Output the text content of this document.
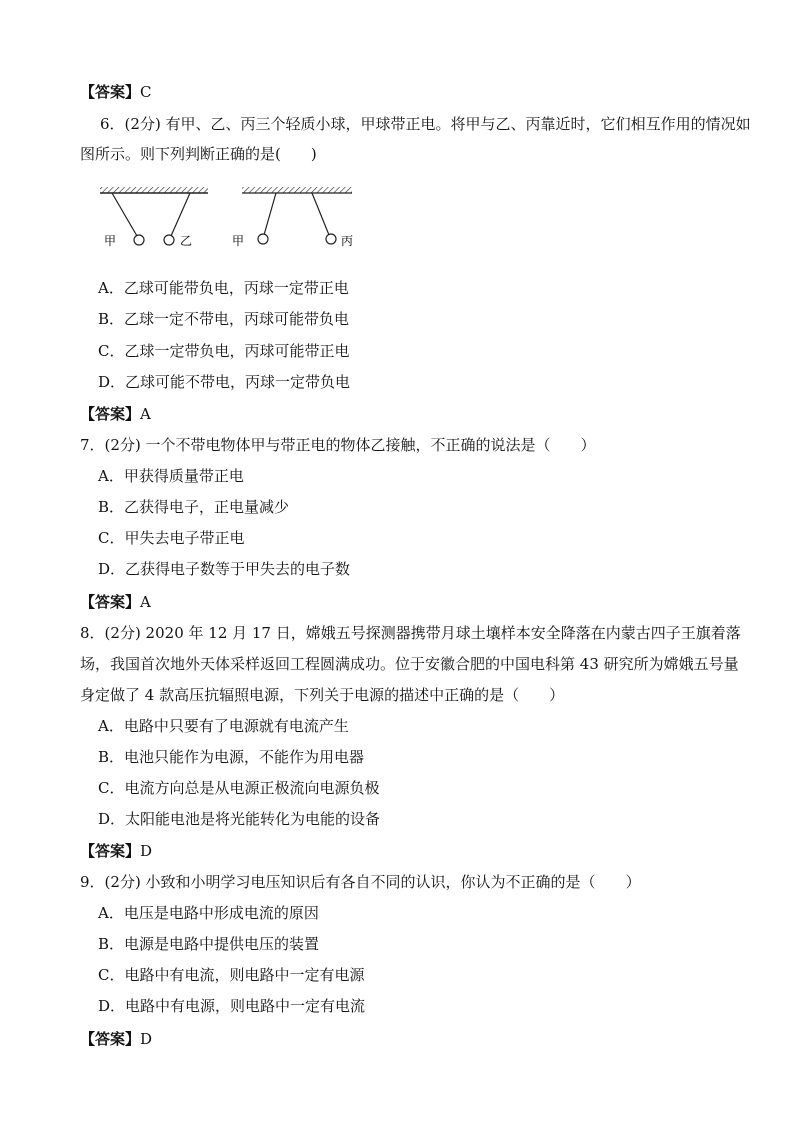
【答案】C
6．(2分) 有甲、乙、丙三个轻质小球，甲球带正电。将甲与乙、丙靠近时，它们相互作用的情况如
图所示。则下列判断正确的是(　　)
甲	乙	甲	丙
A．乙球可能带负电，丙球一定带正电
B．乙球一定不带电，丙球可能带负电
C．乙球一定带负电，丙球可能带正电
D．乙球可能不带电，丙球一定带负电
【答案】A
7．(2分) 一个不带电物体甲与带正电的物体乙接触，不正确的说法是（　　）
A．甲获得质量带正电
B．乙获得电子，正电量减少
C．甲失去电子带正电
D．乙获得电子数等于甲失去的电子数
【答案】A
8．(2分) 2020 年 12 月 17 日，嫦娥五号探测器携带月球土壤样本安全降落在内蒙古四子王旗着落
场，我国首次地外天体采样返回工程圆满成功。位于安徽合肥的中国电科第 43 研究所为嫦娥五号量
身定做了 4 款高压抗辐照电源，下列关于电源的描述中正确的是（　　）
A．电路中只要有了电源就有电流产生
B．电池只能作为电源，不能作为用电器
C．电流方向总是从电源正极流向电源负极
D．太阳能电池是将光能转化为电能的设备
【答案】D
9．(2分) 小致和小明学习电压知识后有各自不同的认识，你认为不正确的是（　　）
A．电压是电路中形成电流的原因
B．电源是电路中提供电压的装置
C．电路中有电流，则电路中一定有电源
D．电路中有电源，则电路中一定有电流
【答案】D
